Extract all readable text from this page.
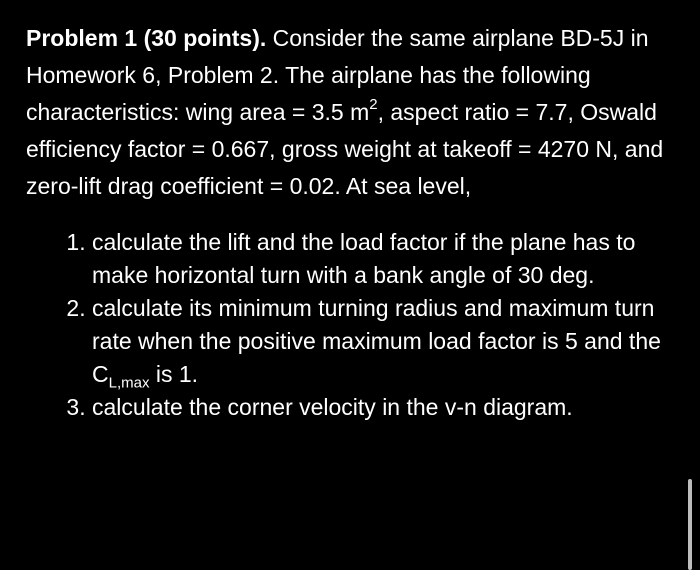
Problem 1 (30 points). Consider the same airplane BD-5J in Homework 6, Problem 2. The airplane has the following characteristics: wing area = 3.5 $m^2$, aspect ratio = 7.7, Oswald efficiency factor = 0.667, gross weight at takeoff = 4270 N, and zero-lift drag coefficient = 0.02. At sea level,

1. calculate the lift and the load factor if the plane has to make horizontal turn with a bank angle of 30 deg.
2. calculate its minimum turning radius and maximum turn rate when the positive maximum load factor is 5 and the $C_{L,max}$ is 1.
3. calculate the corner velocity in the v-n diagram.
